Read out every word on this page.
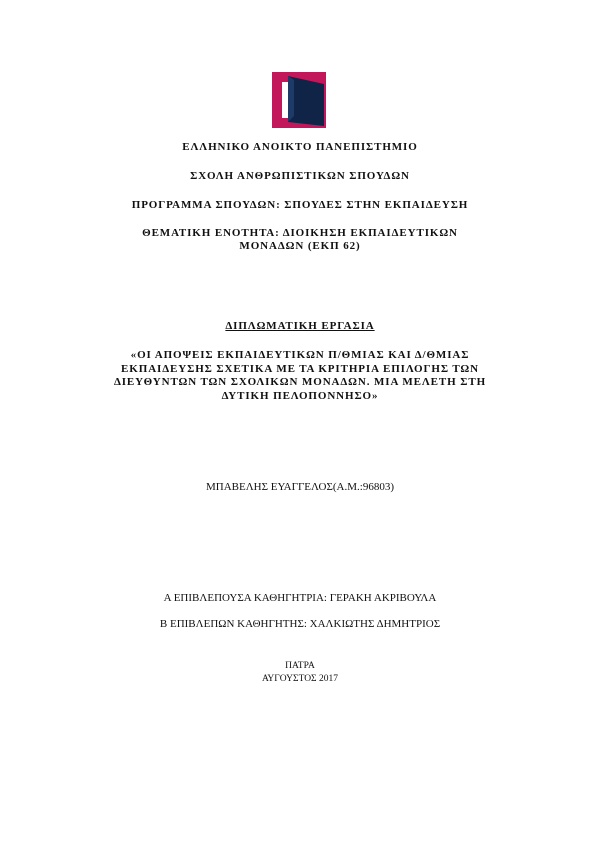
ΕΛΛΗΝΙΚΟ ΑΝΟΙΚΤΟ ΠΑΝΕΠΙΣΤΗΜΙΟ
ΣΧΟΛΗ ΑΝΘΡΩΠΙΣΤΙΚΩΝ ΣΠΟΥΔΩΝ
ΠΡΟΓΡΑΜΜΑ ΣΠΟΥΔΩΝ: ΣΠΟΥΔΕΣ ΣΤΗΝ ΕΚΠΑΙΔΕΥΣΗ
ΘΕΜΑΤΙΚΗ ΕΝΟΤΗΤΑ: ΔΙΟΙΚΗΣΗ ΕΚΠΑΙΔΕΥΤΙΚΩΝ
ΜΟΝΑΔΩΝ (ΕΚΠ 62)
ΔΙΠΛΩΜΑΤΙΚΗ ΕΡΓΑΣΙΑ
«ΟΙ ΑΠΟΨΕΙΣ ΕΚΠΑΙΔΕΥΤΙΚΩΝ Π/ΘΜΙΑΣ ΚΑΙ Δ/ΘΜΙΑΣ
ΕΚΠΑΙΔΕΥΣΗΣ ΣΧΕΤΙΚΑ ΜΕ ΤΑ ΚΡΙΤΗΡΙΑ ΕΠΙΛΟΓΗΣ ΤΩΝ
ΔΙΕΥΘΥΝΤΩΝ ΤΩΝ ΣΧΟΛΙΚΩΝ ΜΟΝΑΔΩΝ. ΜΙΑ ΜΕΛΕΤΗ ΣΤΗ
ΔΥΤΙΚΗ ΠΕΛΟΠΟΝΝΗΣΟ»
ΜΠΑΒΕΛΗΣ ΕΥΑΓΓΕΛΟΣ(Α.Μ.:96803)
Α ΕΠΙΒΛΕΠΟΥΣΑ ΚΑΘΗΓΗΤΡΙΑ: ΓΕΡΑΚΗ ΑΚΡΙΒΟΥΛΑ
Β ΕΠΙΒΛΕΠΩΝ ΚΑΘΗΓΗΤΗΣ: ΧΑΛΚΙΩΤΗΣ ΔΗΜΗΤΡΙΟΣ
ΠΑΤΡΑ
ΑΥΓΟΥΣΤΟΣ 2017
